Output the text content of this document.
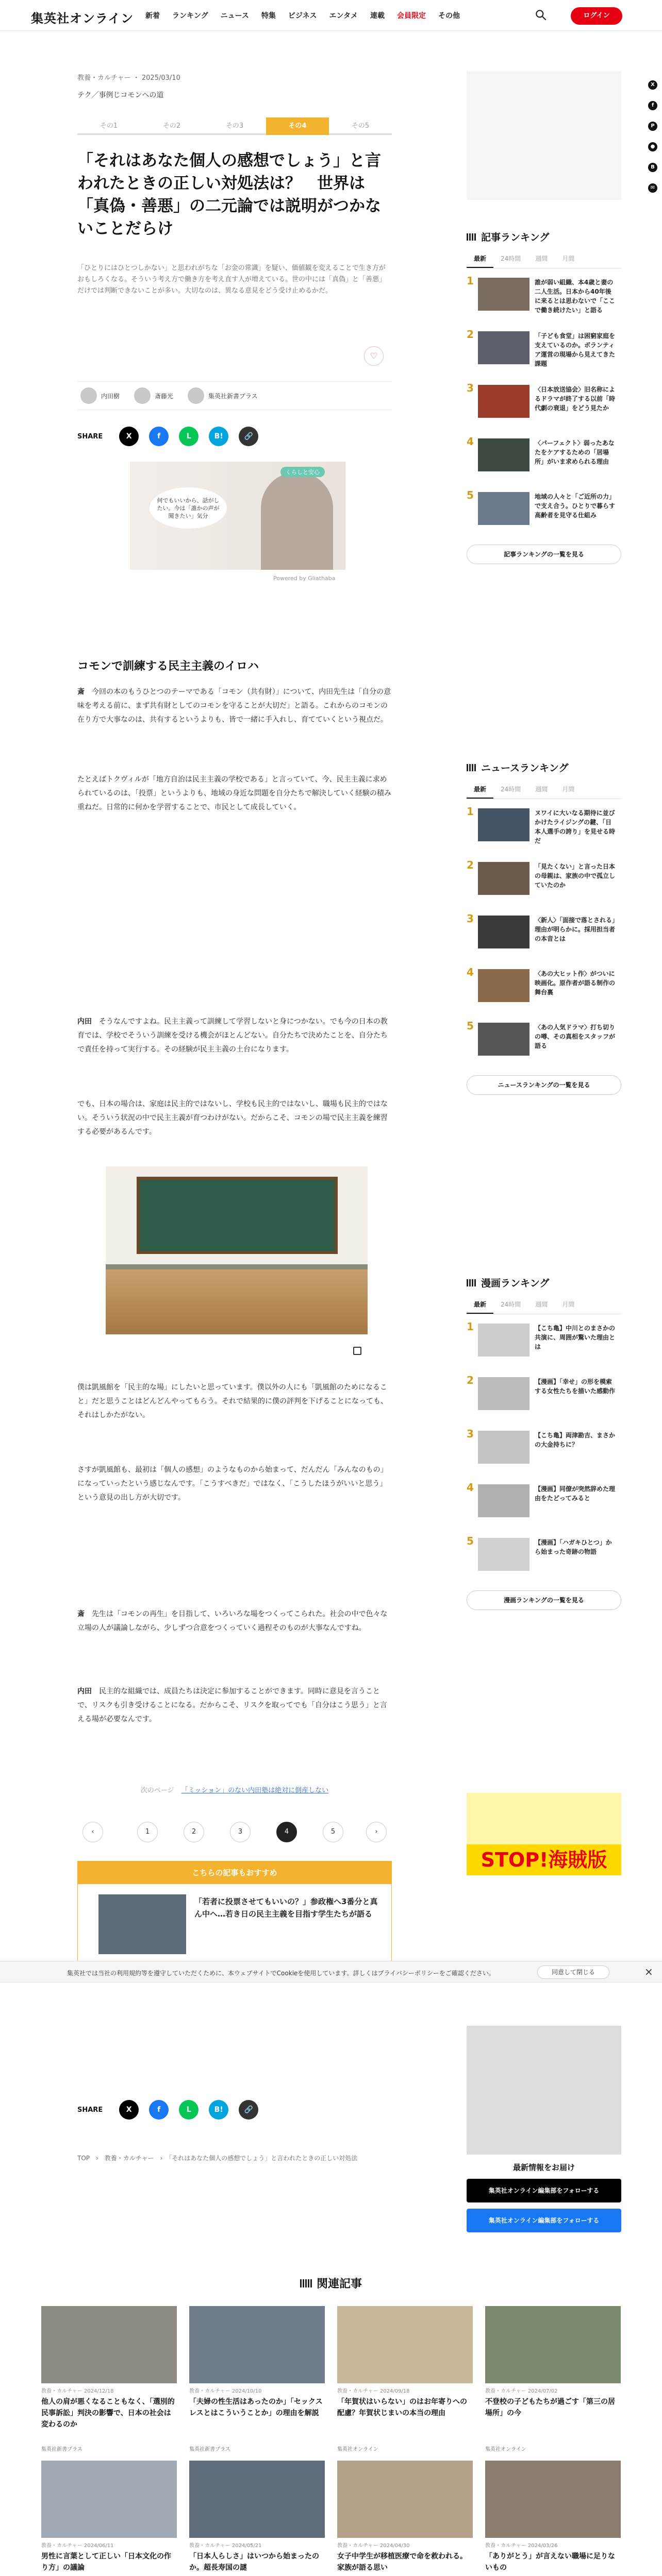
集英社オンライン 新着 ランキング ニュース 特集 ビジネス エンタメ 連載 会員限定 その他	ログイン
X
f
P
●
B
✉
教養・カルチャー ・ 2025/03/10
テク／事例じコモンへの道
その1	その2	その3	その4	その5
「それはあなた個人の感想でしょう」と言われたときの正しい対処法は？　世界は「真偽・善悪」の二元論では説明がつかないことだらけ
「ひとりにはひとつしかない」と思われがちな「お金の常識」を疑い、価値観を変えることで生き方がおもしろくなる。そういう考え方で働き方を考え直す人が増えている。世の中には「真偽」と「善悪」だけでは判断できないことが多い。大切なのは、異なる意見をどう受け止めるかだ。
♡
内田樹	斎藤光	集英社新書プラス
SHARE	X	f	L	B!	🔗
何でもいいから、話がし たい。今は「誰かの声が 聞きたい」気分
くらしと安心
Powered by Gliathaba
コモンで訓練する民主主義のイロハ
斎　 今回の本のもうひとつのテーマである「コモン（共有財）」について、内田先生は「自分の意味を考える前に、まず共有財としてのコモンを守ることが大切だ」と語る。これからのコモンの在り方で大事なのは、共有するというよりも、皆で一緒に手入れし、育てていくという視点だ。
たとえばトクヴィルが「地方自治は民主主義の学校である」と言っていて、今、民主主義に求められているのは、「投票」というよりも、地域の身近な問題を自分たちで解決していく経験の積み重ねだ。日常的に何かを学習することで、市民として成長していく。
内田　 そうなんですよね。民主主義って訓練して学習しないと身につかない。でも今の日本の教育では、学校でそういう訓練を受ける機会がほとんどない。自分たちで決めたことを、自分たちで責任を持って実行する。その経験が民主主義の土台になります。
でも、日本の場合は、家庭は民主的ではないし、学校も民主的ではないし、職場も民主的ではない。そういう状況の中で民主主義が育つわけがない。だからこそ、コモンの場で民主主義を練習する必要があるんです。
僕は凱風館を「民主的な場」にしたいと思っています。僕以外の人にも「凱風館のためになること」だと思うことはどんどんやってもらう。それで結果的に僕の評判を下げることになっても、それはしかたがない。
さすが凱風館も、最初は「個人の感想」のようなものから始まって、だんだん「みんなのもの」になっていったという感じなんです。「こうすべきだ」ではなく、「こうしたほうがいいと思う」という意見の出し方が大切です。
斎　 先生は「コモンの再生」を目指して、いろいろな場をつくってこられた。社会の中で色々な立場の人が議論しながら、少しずつ合意をつくっていく過程そのものが大事なんですね。
内田　 民主的な組織では、成員たちは決定に参加することができます。同時に意見を言うことで、リスクも引き受けることになる。だからこそ、リスクを取ってでも「自分はこう思う」と言える場が必要なんです。
次のページ 「ミッション」のない内田塾は絶対に倒産しない
‹	1	2	3	4	5	›
こちらの記事もおすすめ
「若者に投票させてもいいの？」参政権へ3番分と真ん中へ…若き日の民主主義を目指す学生たちが語る
集英社では当社の利用規約等を遵守していただくために、本ウェブサイトでCookieを使用しています。詳しくはプライバシーポリシーをご確認ください。	同意して閉じる	×
SHARE	X	f	L	B!	🔗
TOP　›　教養・カルチャー　›　「それはあなた個人の感想でしょう」と言われたときの正しい対処法
記事ランキング
最新	24時間	週間	月間
1	誰が弱い組織、本4歳と妻の二人生活。日本から40年後に来るとは思わないで「ここで働き続けたい」と語る
2	「子ども食堂」は困窮家庭を支えているのか。ボランティア運営の現場から見えてきた課題
3	〈日本放送協会〉旧名称によるドラマが終了する以前「時代劇の衰退」をどう見たか
4	〈パーフェクト〉弱ったあなたをケアするための「居場所」がいま求められる理由
5	地域の人々と「ご近所の力」で支え合う。ひとりで暮らす高齢者を見守る仕組み
記事ランキングの一覧を見る
ニュースランキング
最新	24時間	週間	月間
1	ヌワイに大いなる期待に並びかけたライジングの鍵、「日本人選手の誇り」を見せる時だ
2	「見たくない」と言った日本の母親は、家族の中で孤立していたのか
3	〈新人〉「面接で落とされる」理由が明らかに。採用担当者の本音とは
4	〈あの大ヒット作〉がついに映画化。原作者が語る制作の舞台裏
5	〈あの人気ドラマ〉打ち切りの噂、その真相をスタッフが語る
ニュースランキングの一覧を見る
漫画ランキング
最新	24時間	週間	月間
1	【こち亀】中川とのまさかの共演に、周囲が驚いた理由とは
2	【漫画】「幸せ」の形を模索する女性たちを描いた感動作
3	【こち亀】両津勘吉、まさかの大金持ちに？
4	【漫画】同僚が突然辞めた理由をたどってみると
5	【漫画】「ハガキひとつ」から始まった奇跡の物語
漫画ランキングの一覧を見る
STOP!海賊版
最新情報をお届け
集英社オンライン編集部をフォローする
集英社オンライン編集部をフォローする
関連記事
教養・カルチャー 2024/12/18
他人の肩が悪くなることもなく、「選別的民事訴訟」判決の影響で、日本の社会は変わるのか
集英社新書プラス
教養・カルチャー 2024/10/10
「夫婦の性生活はあったのか」「セックスレスとはこういうことか」の理由を解説
集英社新書プラス
教養・カルチャー 2024/09/18
「年賀状はいらない」のはお年寄りへの配慮？年賀状じまいの本当の理由
集英社オンライン
教養・カルチャー 2024/07/02
不登校の子どもたちが過ごす「第三の居場所」の今
集英社オンライン
教養・カルチャー 2024/06/11
男性に言葉として正しい「日本文化の作り方」の議論
教養・カルチャー 2024/05/21
「日本人らしさ」はいつから始まったのか。超長寿国の謎
教養・カルチャー 2024/04/30
女子中学生が移植医療で命を救われる。家族が語る思い
教養・カルチャー 2024/03/26
「ありがとう」が言えない職場に足りないもの
